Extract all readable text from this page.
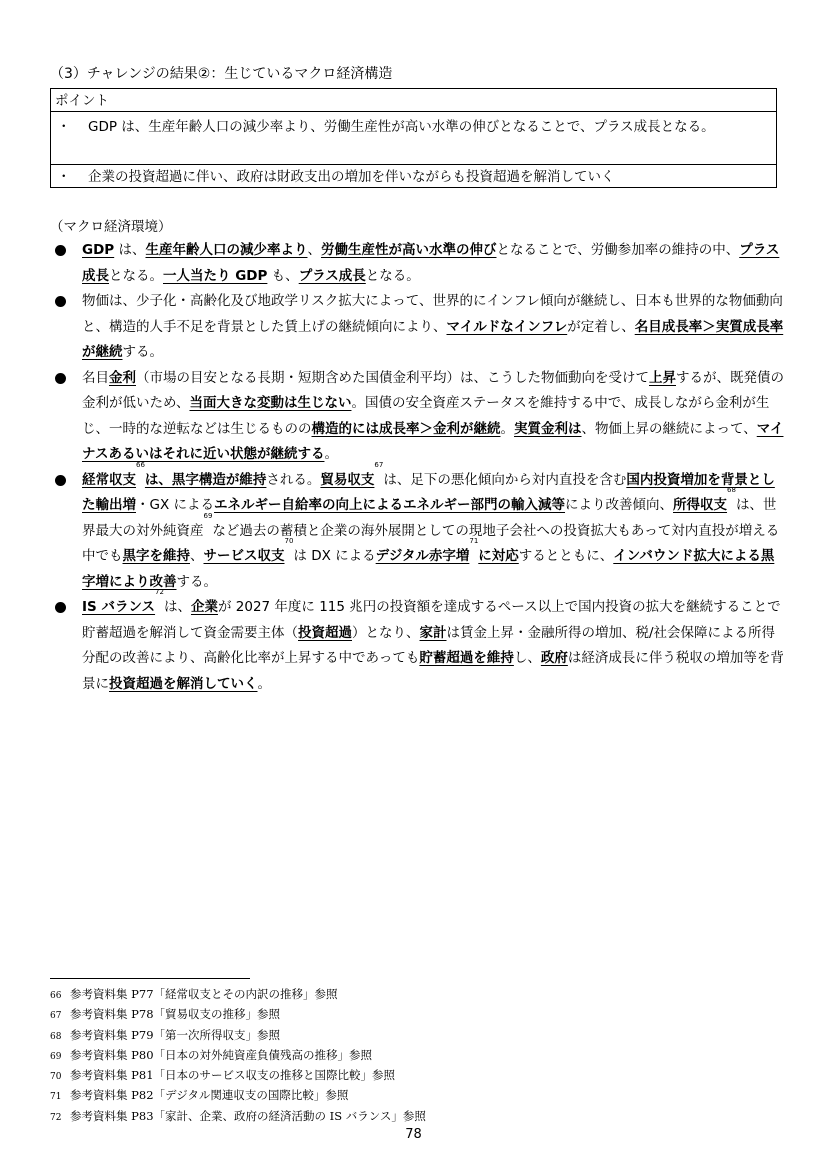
（3）チャレンジの結果②：生じているマクロ経済構造
ポイント
・ GDP は、生産年齢人口の減少率より、労働生産性が高い水準の伸びとなることで、プラス成長となる。
・ 企業の投資超過に伴い、政府は財政支出の増加を伴いながらも投資超過を解消していく
（マクロ経済環境）

GDP は、生産年齢人口の減少率より、労働生産性が高い水準の伸びとなることで、労働参加率の維持の中、プラス成長となる。一人当たり GDP も、プラス成長となる。

物価は、少子化・高齢化及び地政学リスク拡大によって、世界的にインフレ傾向が継続し、日本も世界的な物価動向と、構造的人手不足を背景とした賃上げの継続傾向により、マイルドなインフレが定着し、名目成長率＞実質成長率が継続する。

名目金利（市場の目安となる長期・短期含めた国債金利平均）は、こうした物価動向を受けて上昇するが、既発債の金利が低いため、当面大きな変動は生じない。国債の安全資産ステータスを維持する中で、成長しながら金利が生じ、一時的な逆転などは生じるものの構造的には成長率＞金利が継続。実質金利は、物価上昇の継続によって、マイナスあるいはそれに近い状態が継続する。

経常収支$^{66}$は、黒字構造が維持される。貿易収支$^{67}$は、足下の悪化傾向から対内直投を含む国内投資増加を背景とした輸出増・GX によるエネルギー自給率の向上によるエネルギー部門の輸入減等により改善傾向、所得収支$^{68}$は、世界最大の対外純資産$^{69}$など過去の蓄積と企業の海外展開としての現地子会社への投資拡大もあって対内直投が増える中でも黒字を維持、サービス収支$^{70}$は DX によるデジタル赤字増$^{71}$に対応するとともに、インバウンド拡大による黒字増により改善する。

IS バランス$^{72}$は、企業が 2027 年度に 115 兆円の投資額を達成するペース以上で国内投資の拡大を継続することで貯蓄超過を解消して資金需要主体（投資超過）となり、家計は賃金上昇・金融所得の増加、税/社会保障による所得分配の改善により、高齢化比率が上昇する中であっても貯蓄超過を維持し、政府は経済成長に伴う税収の増加等を背景に投資超過を解消していく。

66 参考資料集 P77「経常収支とその内訳の推移」参照

67 参考資料集 P78「貿易収支の推移」参照

68 参考資料集 P79「第一次所得収支」参照

69 参考資料集 P80「日本の対外純資産負債残高の推移」参照

70 参考資料集 P81「日本のサービス収支の推移と国際比較」参照

71 参考資料集 P82「デジタル関連収支の国際比較」参照

72 参考資料集 P83「家計、企業、政府の経済活動の IS バランス」参照

78
